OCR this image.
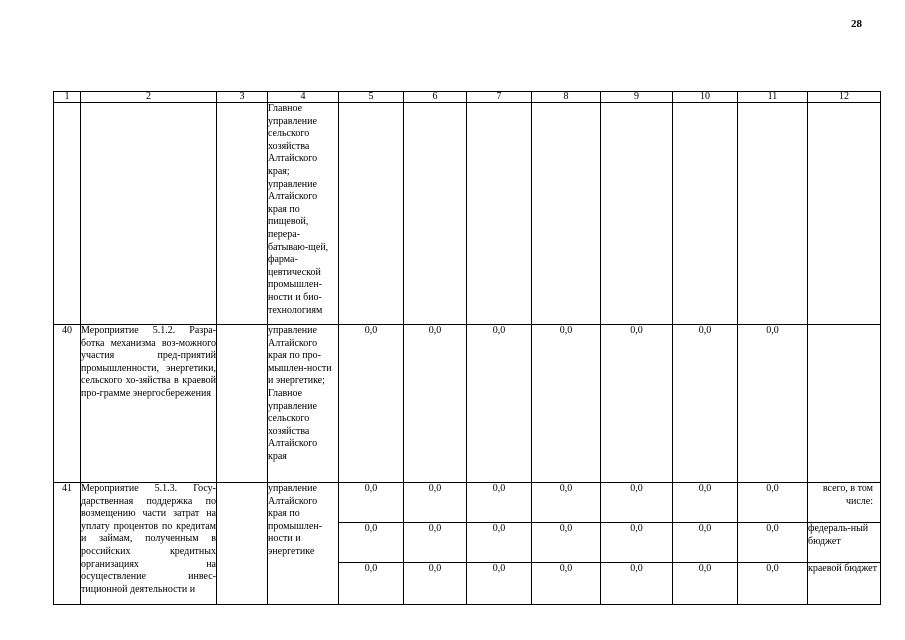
28
1	2	3	4	5	6	7	8	9	10	11	12
			Главное управление сельского хозяйства Алтайского края; управление Алтайского края по пищевой, перера-батываю-щей, фарма-цевтической промышлен-ности и био-технологиям								
40	Мероприятие 5.1.2. Разра-ботка механизма воз-можного участия пред-приятий промышленности, энергетики, сельского хо-зяйства в краевой про-грамме энергосбережения		управление Алтайского края по про-мышлен-ности и энергетике; Главное управление сельского хозяйства Алтайского края	0,0	0,0	0,0	0,0	0,0	0,0	0,0	
41	Мероприятие 5.1.3. Госу-дарственная поддержка по возмещению части затрат на уплату процентов по кредитам и займам, полученным в российских кредитных организациях на осуществление инвес-тиционной деятельности и		управление Алтайского края по промышлен-ности и энергетике	0,0	0,0	0,0	0,0	0,0	0,0	0,0	всего, в том числе:
				0,0	0,0	0,0	0,0	0,0	0,0	0,0	федераль-ный бюджет
				0,0	0,0	0,0	0,0	0,0	0,0	0,0	краевой бюджет
